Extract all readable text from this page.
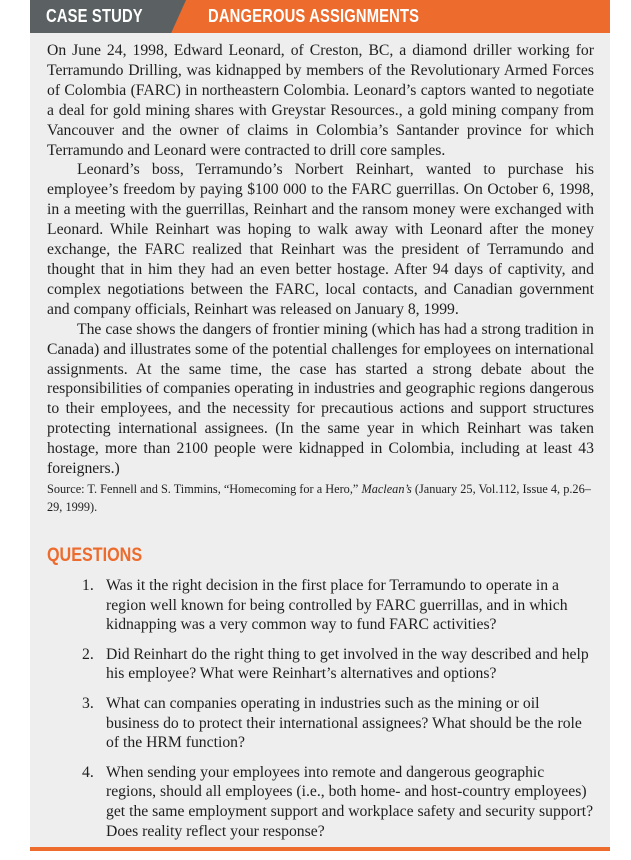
CASE STUDY	DANGEROUS ASSIGNMENTS

On June 24, 1998, Edward Leonard, of Creston, BC, a diamond driller working for Terramundo Drilling, was kidnapped by members of the Revolutionary Armed Forces of Colombia (FARC) in northeastern Colombia. Leonard’s captors wanted to negotiate a deal for gold mining shares with Greystar Resources., a gold mining company from Vancouver and the owner of claims in Colombia’s Santander province for which Terramundo and Leonard were contracted to drill core samples.

Leonard’s boss, Terramundo’s Norbert Reinhart, wanted to purchase his employee’s freedom by paying $100 000 to the FARC guerrillas. On October 6, 1998, in a meeting with the guerrillas, Reinhart and the ransom money were exchanged with Leonard. While Reinhart was hoping to walk away with Leonard after the money exchange, the FARC realized that Reinhart was the president of Terramundo and thought that in him they had an even better hostage. After 94 days of captivity, and complex negotiations between the FARC, local contacts, and Canadian government and company officials, Reinhart was released on January 8, 1999.

The case shows the dangers of frontier mining (which has had a strong tradition in Canada) and illustrates some of the potential challenges for employees on international assignments. At the same time, the case has started a strong debate about the responsibilities of companies operating in industries and geographic regions dangerous to their employees, and the necessity for precautious actions and support structures protecting international assignees. (In the same year in which Reinhart was taken hostage, more than 2100 people were kidnapped in Colombia, including at least 43 foreigners.)

Source: T. Fennell and S. Timmins, “Homecoming for a Hero,” Maclean’s (January 25, Vol.112, Issue 4, p.26–29, 1999).

QUESTIONS
1. Was it the right decision in the first place for Terramundo to operate in a region well known for being controlled by FARC guerrillas, and in which kidnapping was a very common way to fund FARC activities?
2. Did Reinhart do the right thing to get involved in the way described and help his employee? What were Reinhart’s alternatives and options?
3. What can companies operating in industries such as the mining or oil business do to protect their international assignees? What should be the role of the HRM function?
4. When sending your employees into remote and dangerous geographic regions, should all employees (i.e., both home- and host-country employees) get the same employment support and workplace safety and security support? Does reality reflect your response?
